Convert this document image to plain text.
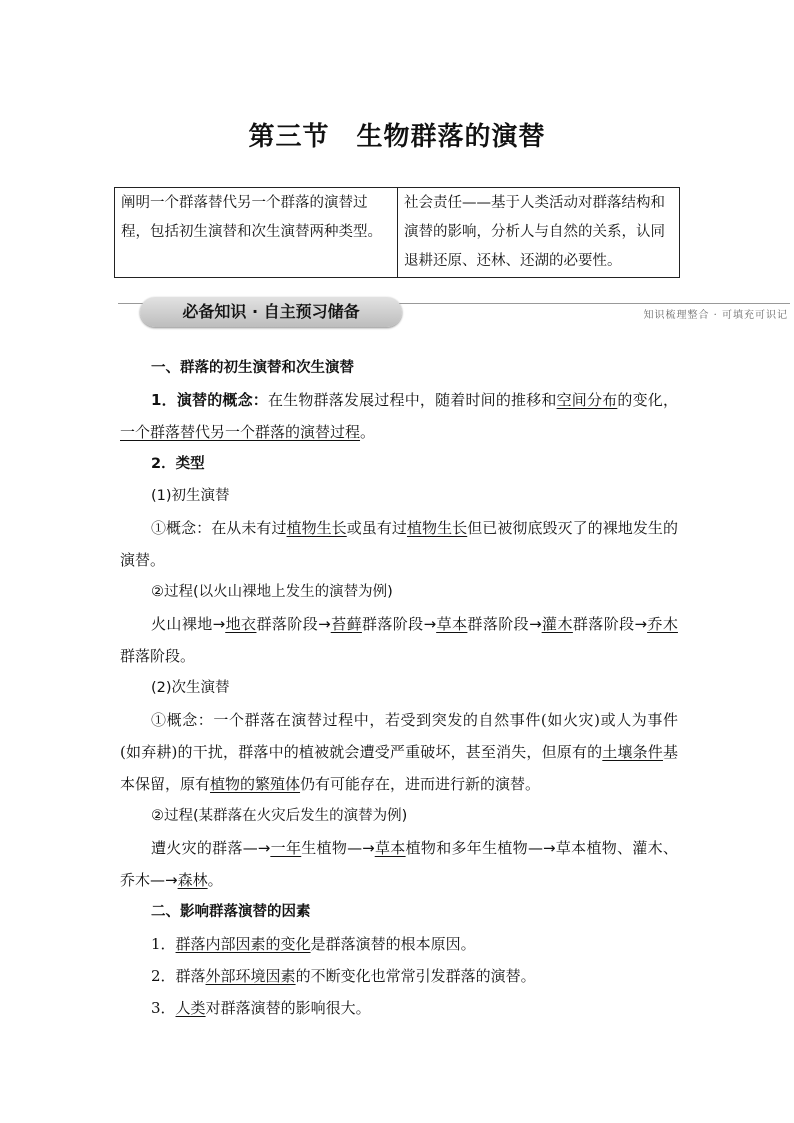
第三节　生物群落的演替
阐明一个群落替代另一个群落的演替过程，包括初生演替和次生演替两种类型。	社会责任——基于人类活动对群落结构和演替的影响，分析人与自然的关系，认同退耕还原、还林、还湖的必要性。
必备知识 · 自主预习储备	知识梳理整合 · 可填充可识记

一、群落的初生演替和次生演替

1．演替的概念：在生物群落发展过程中，随着时间的推移和空间分布的变化，一个群落替代另一个群落的演替过程。

2．类型

(1)初生演替

①概念：在从未有过植物生长或虽有过植物生长但已被彻底毁灭了的裸地发生的演替。

②过程(以火山裸地上发生的演替为例)

火山裸地→地衣群落阶段→苔藓群落阶段→草本群落阶段→灌木群落阶段→乔木群落阶段。

(2)次生演替

①概念：一个群落在演替过程中，若受到突发的自然事件(如火灾)或人为事件(如弃耕)的干扰，群落中的植被就会遭受严重破坏，甚至消失，但原有的土壤条件基本保留，原有植物的繁殖体仍有可能存在，进而进行新的演替。

②过程(某群落在火灾后发生的演替为例)

遭火灾的群落—→一年生植物—→草本植物和多年生植物—→草本植物、灌木、乔木—→森林。

二、影响群落演替的因素

1．群落内部因素的变化是群落演替的根本原因。

2．群落外部环境因素的不断变化也常常引发群落的演替。

3．人类对群落演替的影响很大。
